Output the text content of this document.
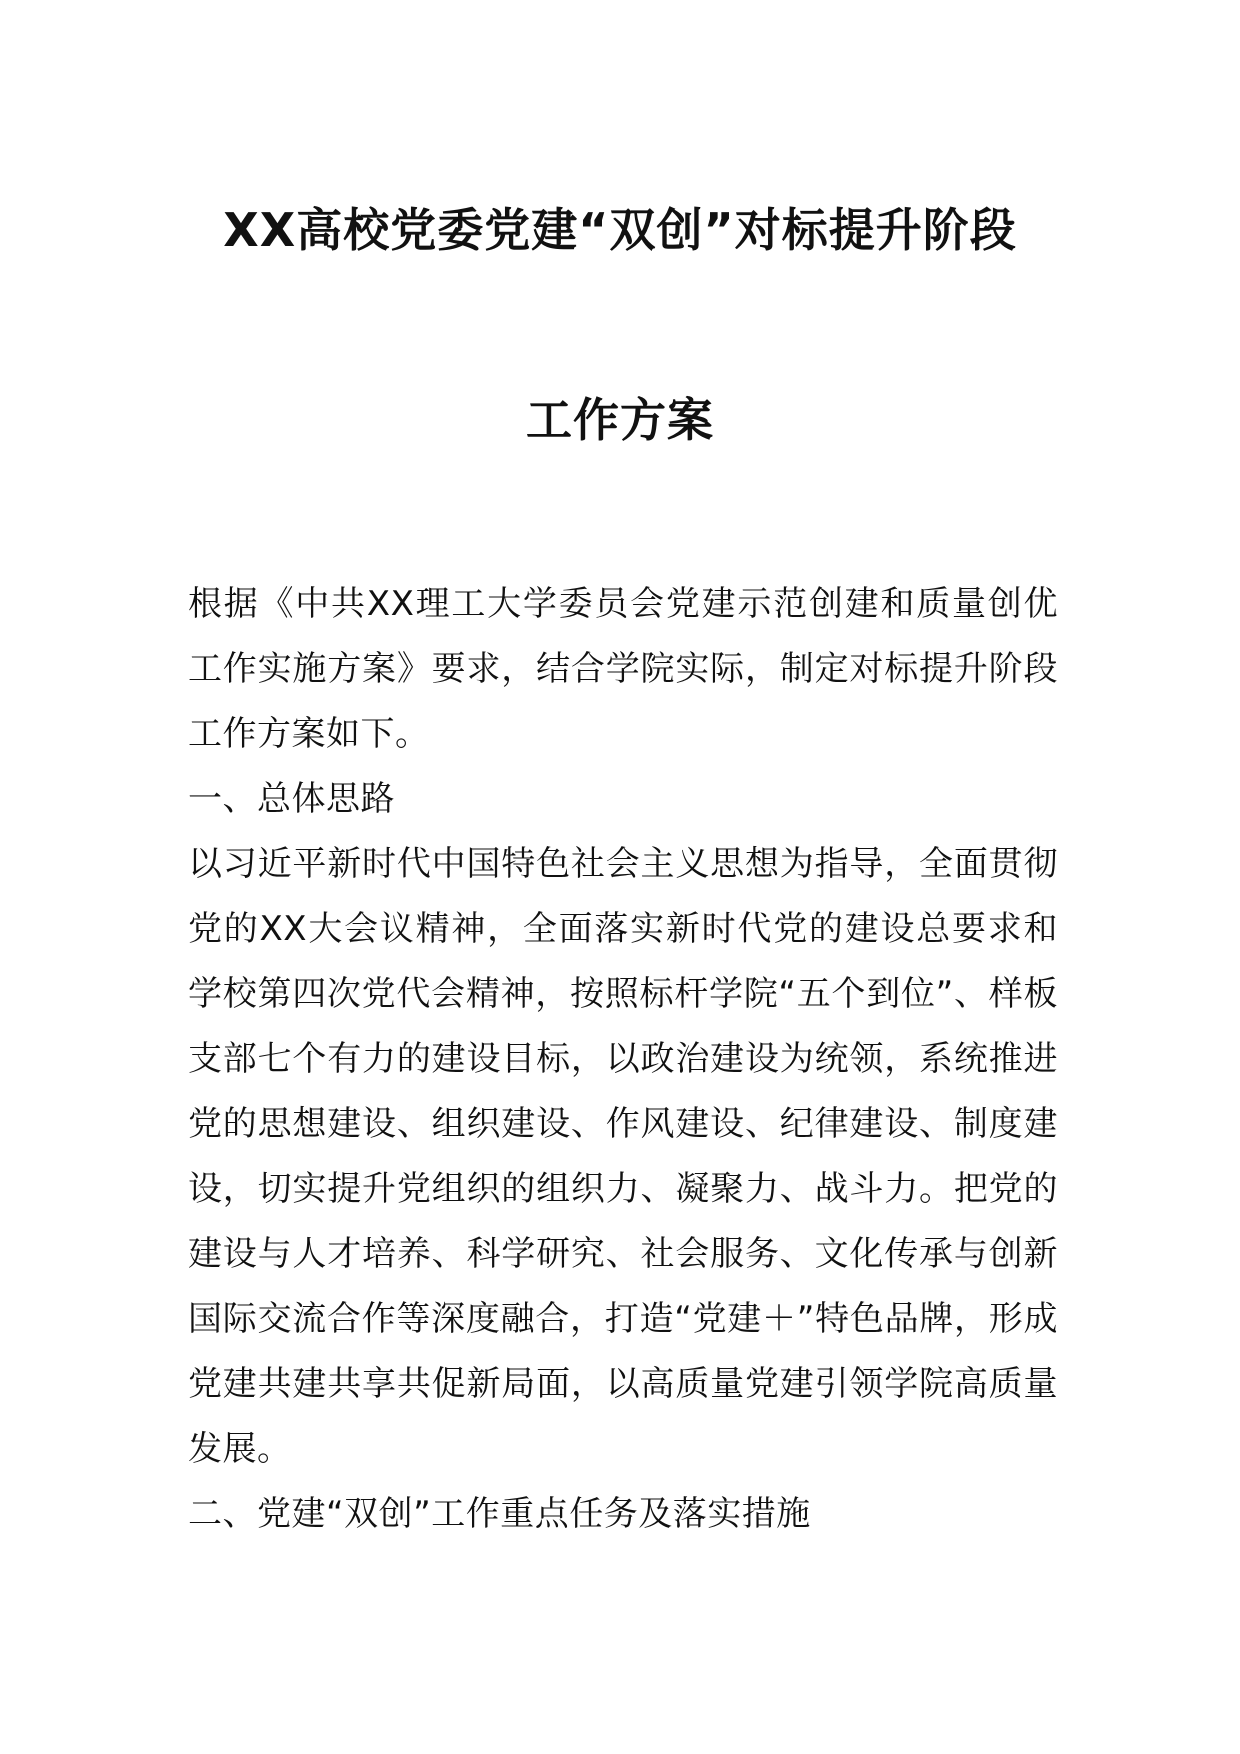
XX高校党委党建“双创”对标提升阶段
工作方案

根据《中共XX理工大学委员会党建示范创建和质量创优工作实施方案》要求，结合学院实际，制定对标提升阶段工作方案如下。

一、总体思路

以习近平新时代中国特色社会主义思想为指导，全面贯彻党的XX大会议精神，全面落实新时代党的建设总要求和学校第四次党代会精神，按照标杆学院“五个到位”、样板支部七个有力的建设目标，以政治建设为统领，系统推进党的思想建设、组织建设、作风建设、纪律建设、制度建设，切实提升党组织的组织力、凝聚力、战斗力。把党的建设与人才培养、科学研究、社会服务、文化传承与创新国际交流合作等深度融合，打造“党建＋”特色品牌，形成党建共建共享共促新局面，以高质量党建引领学院高质量发展。

二、党建“双创”工作重点任务及落实措施
